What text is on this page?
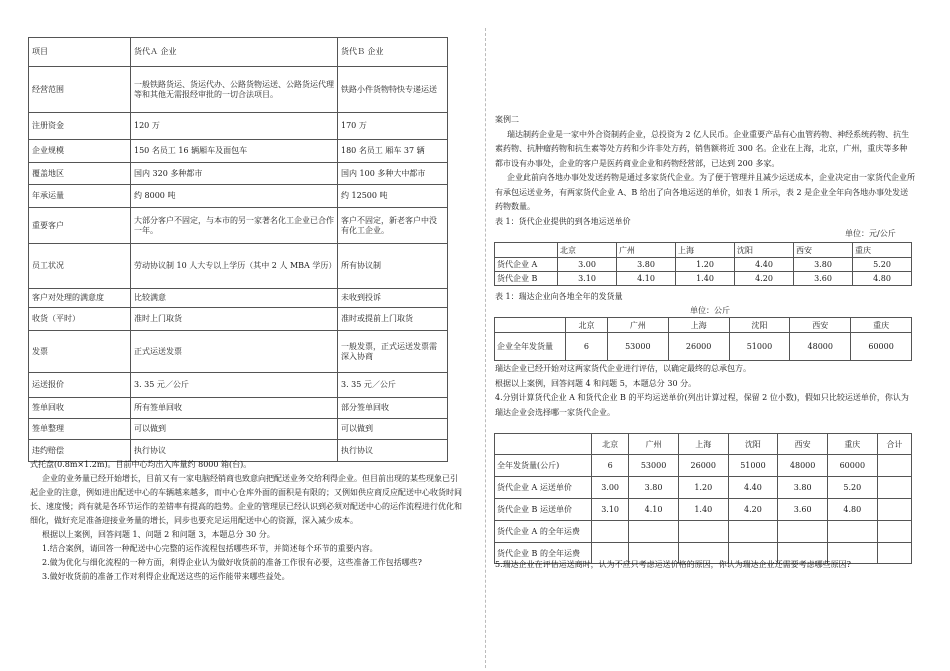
项目	货代Ａ 企业	货代Ｂ 企业
经营范围	一般铁路货运、货运代办、公路货物运送、公路货运代理等和其他无需报经审批的一切合法项目。	铁路小件货物特快专递运送
注册资金	120 万	170 万
企业规模	150 名员工 16 辆厢车及面包车	180 名员工 厢车 37 辆
覆盖地区	国内 320 多种都市	国内 100 多种大中都市
年承运量	约 8000 吨	约 12500 吨
重要客户	大部分客户不固定，与本市的另一家著名化工企业已合作一年。	客户不固定，新老客户中没有化工企业。
员工状况	劳动协议制 10 人大专以上学历（其中 2 人 MBA 学历）	所有协议制
客户对处理的满意度	比较满意	未收到投诉
收货（平时）	准时上门取货	准时或提前上门取货
发票	正式运送发票	一般发票，正式运送发票需深入协商
运送报价	3. 35 元／公斤	3. 35 元／公斤
签单回收	所有签单回收	部分签单回收
签单整理	可以做到	可以做到
违约赔偿	执行协议	执行协议
式托盘(0.8m×1.2m)。目前中心均出入库量约 8000 箱(台)。
企业的业务量已经开始增长，目前又有一家电脑经销商也致意向把配送业务交给利得企业。但目前出现的某些现象已引起企业的注意，例如进出配送中心的车辆越来越多，而中心仓库外面的面积是有限的；又例如供应商反应配送中心收货时间长、速度慢；尚有就是各环节运作的差错率有提高的趋势。企业的管理层已经认识到必须对配送中心的运作流程进行优化和细化，做好充足准备迎接业务量的增长，同步也要充足运用配送中心的资源，深入减少成本。
根据以上案例，回答问题 1、问题 2 和问题 3，本题总分 30 分。
1.结合案例，请回答一种配送中心完整的运作流程包括哪些环节，并简述每个环节的重要内容。
2.做为优化与细化流程的一种方面，利得企业认为做好收货前的准备工作很有必要，这些准备工作包括哪些?
3.做好收货前的准备工作对利得企业配送这些的运作能带来哪些益处。
案例二
瑞达制药企业是一家中外合资制药企业，总投资为 2 亿人民币。企业重要产品有心血管药物、神经系统药物、抗生素药物、抗肿瘤药物和抗生素等处方药和少许非处方药，销售额将近 300 名。企业在上海，北京，广州，重庆等多种都市设有办事处，企业的客户是医药商业企业和药物经营部，已达到 200 多家。
企业此前向各地办事处发送药物是通过多家货代企业。为了便于管理并且减少运送成本，企业决定由一家货代企业所有承包运送业务，有两家货代企业 A、B 给出了向各地运送的单价，如表 1 所示，表 2 是企业全年向各地办事处发送药物数量。
表 1：货代企业提供的到各地运送单价
单位：元/公斤
	北京	广州	上海	沈阳	西安	重庆
货代企业 A	3.00	3.80	1.20	4.40	3.80	5.20
货代企业 B	3.10	4.10	1.40	4.20	3.60	4.80
表 1：瑞达企业向各地全年的发货量
单位：公斤
	北京	广州	上海	沈阳	西安	重庆
企业全年发货量	6	53000	26000	51000	48000	60000
瑞达企业已经开始对这两家货代企业进行评估，以确定最终的总承包方。
根据以上案例，回答问题 4 和问题 5，本题总分 30 分。
4.分别计算货代企业 A 和货代企业 B 的平均运送单价(列出计算过程，保留 2 位小数)，假如只比较运送单价，你认为瑞达企业会选择哪一家货代企业。
	北京	广州	上海	沈阳	西安	重庆	合计
全年发货量(公斤)	6	53000	26000	51000	48000	60000	
货代企业 A 运送单价	3.00	3.80	1.20	4.40	3.80	5.20	
货代企业 B 运送单价	3.10	4.10	1.40	4.20	3.60	4.80	
货代企业 A 的全年运费							
货代企业 B 的全年运费							
5.瑞达企业在评估运送商时，认为不应只考虑运送价格的原因，你认为瑞达企业还需要考虑哪些原因?
